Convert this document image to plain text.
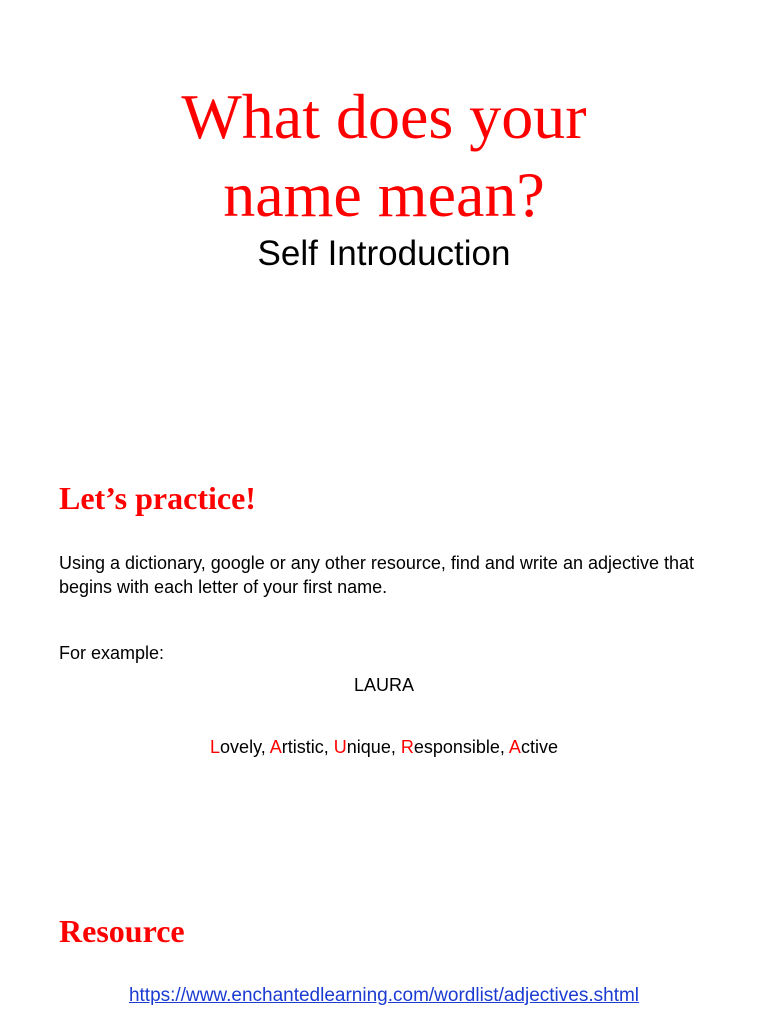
What does your
name mean?

Self Introduction

Let’s practice!

Using a dictionary, google or any other resource, find and write an adjective that begins with each letter of your first name.

For example:

LAURA

Lovely, Artistic, Unique, Responsible, Active

Resource

https://www.enchantedlearning.com/wordlist/adjectives.shtml
